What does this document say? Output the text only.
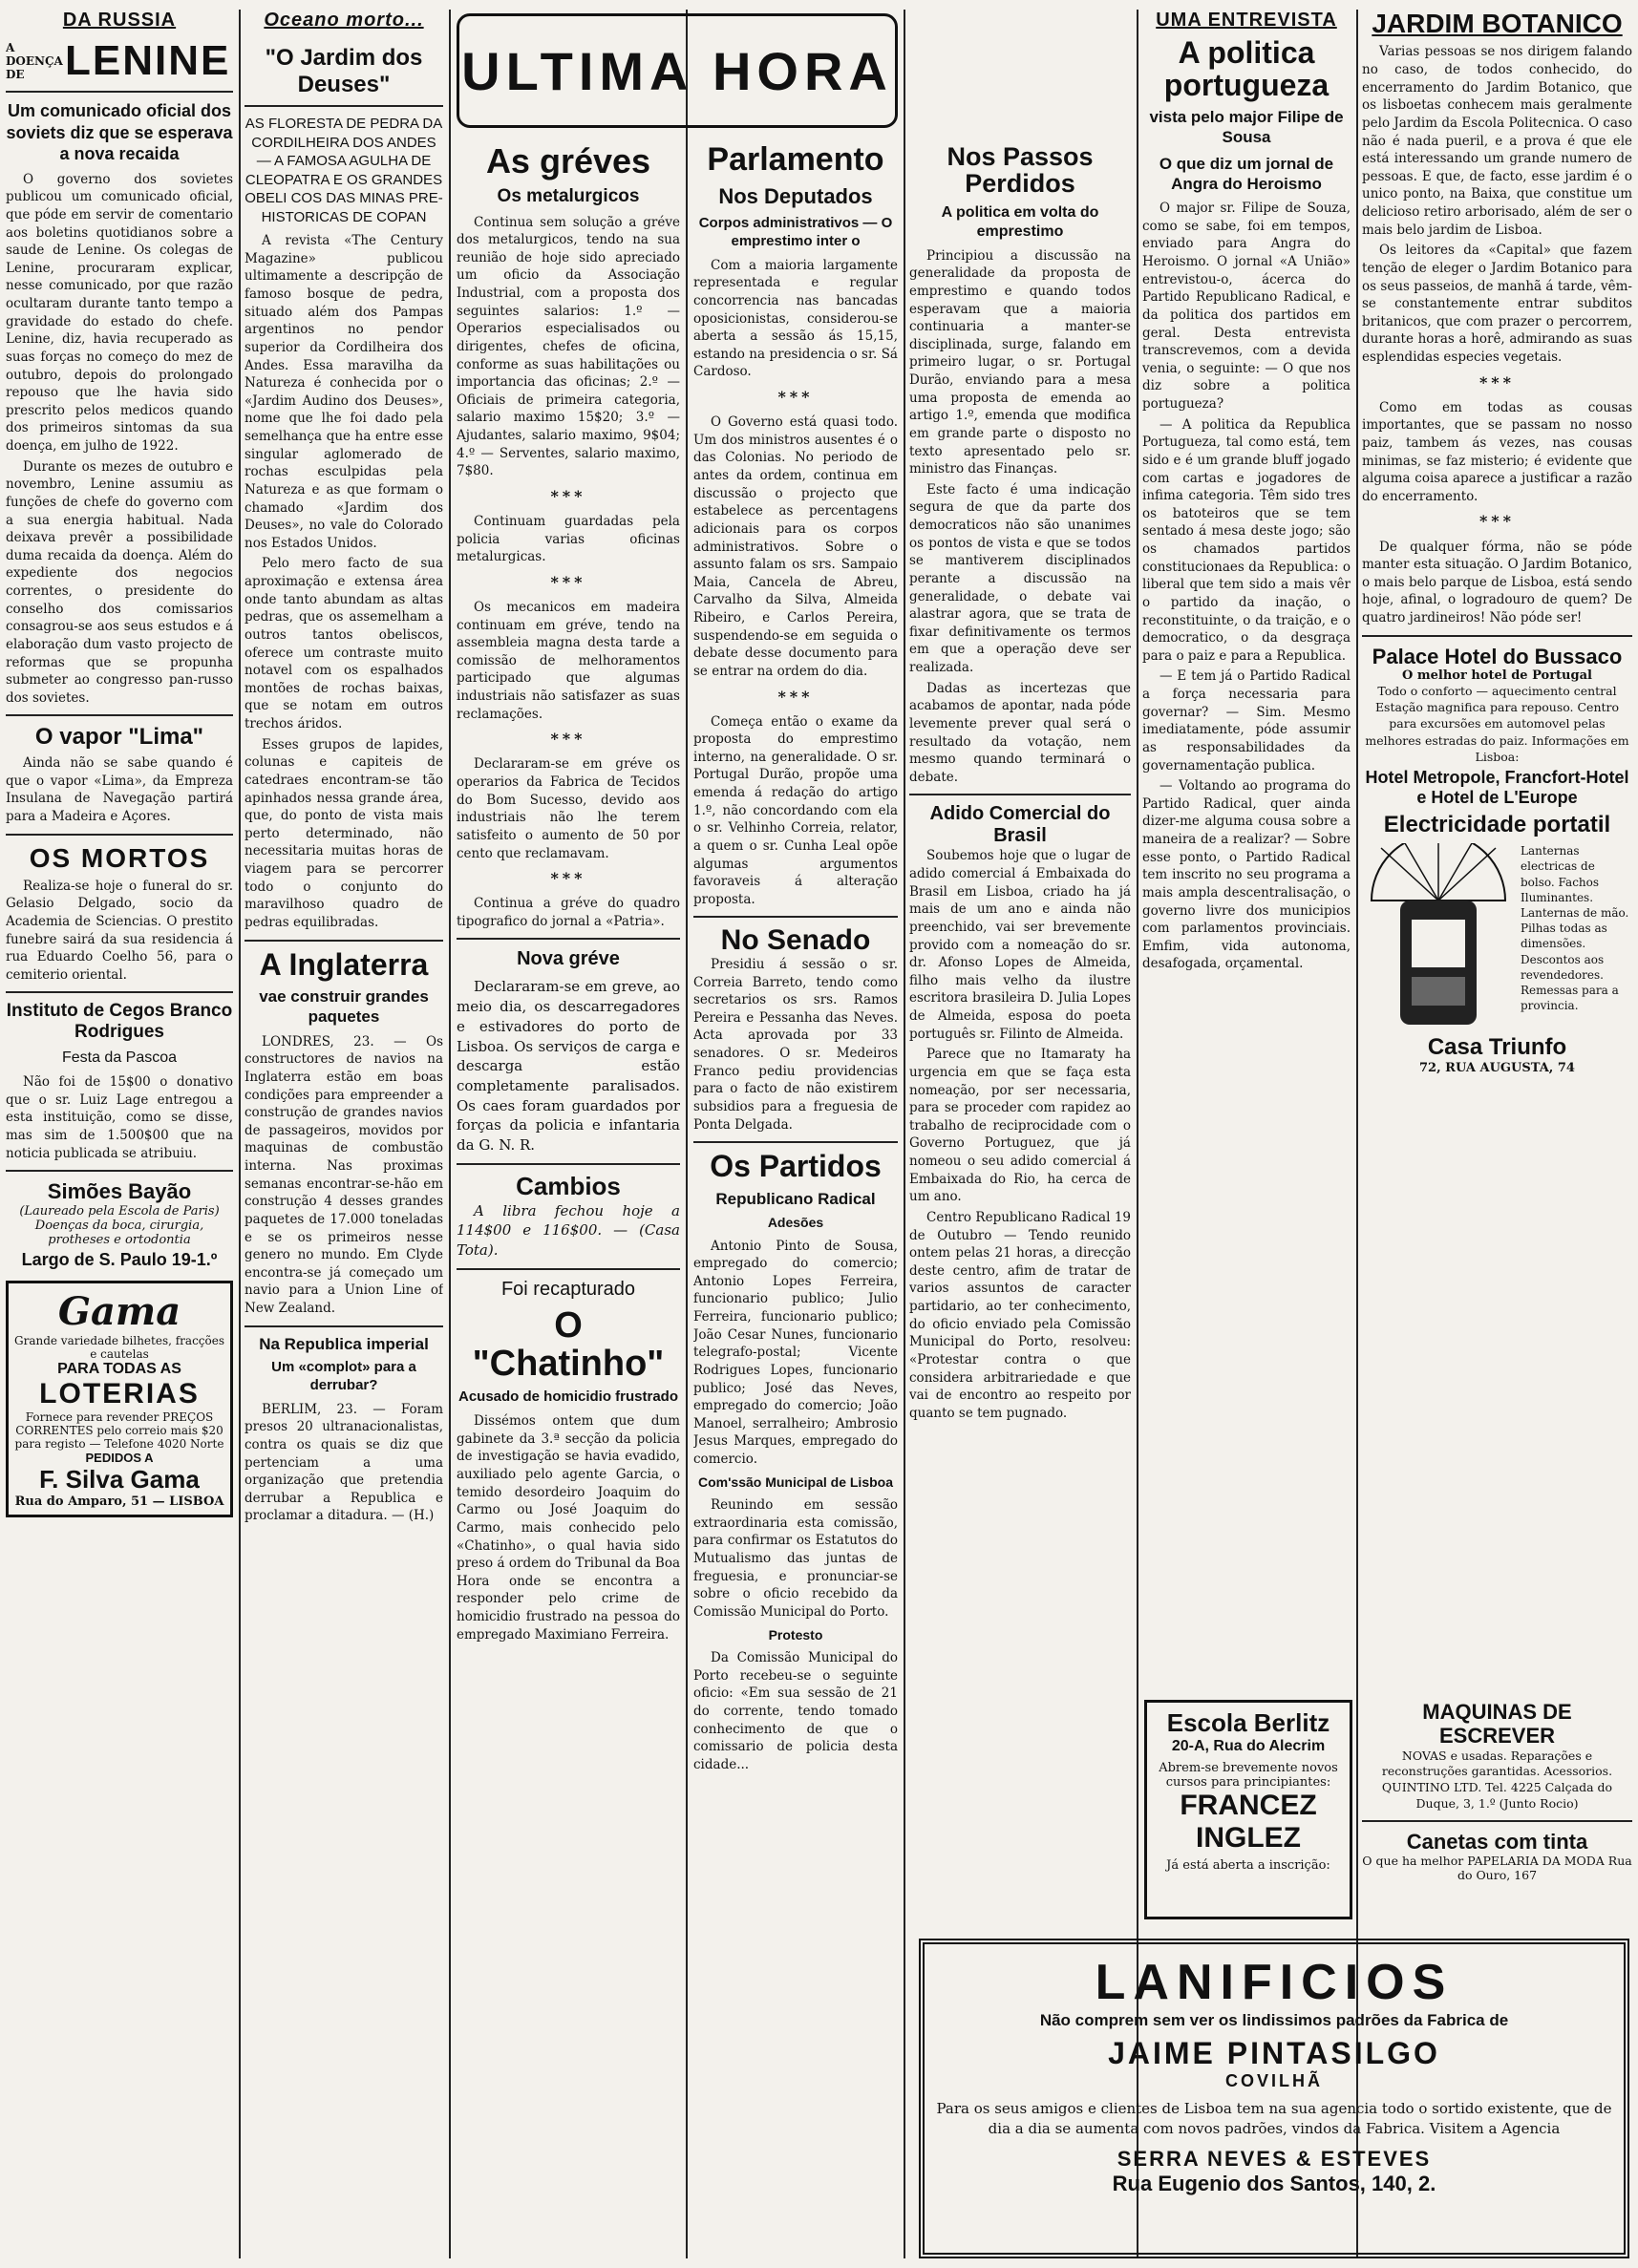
DA RUSSIA
A DOENÇA DE LENINE
Um comunicado oficial dos soviets diz que se esperava a nova recaida

O governo dos sovietes publicou um comunicado oficial, que póde em servir de comentario aos boletins quotidianos sobre a saude de Lenine. Os colegas de Lenine, procuraram explicar, nesse comunicado, por que razão ocultaram durante tanto tempo a gravidade do estado do chefe. Lenine, diz, havia recuperado as suas forças no começo do mez de outubro, depois do prolongado repouso que lhe havia sido prescrito pelos medicos quando dos primeiros sintomas da sua doença, em julho de 1922.

Durante os mezes de outubro e novembro, Lenine assumiu as funções de chefe do governo com a sua energia habitual. Nada deixava prevêr a possibilidade duma recaida da doença. Além do expediente dos negocios correntes, o presidente do conselho dos comissarios consagrou-se aos seus estudos e á elaboração dum vasto projecto de reformas que se propunha submeter ao congresso pan-russo dos sovietes.

O vapor "Lima"

Ainda não se sabe quando é que o vapor «Lima», da Empreza Insulana de Navegação partirá para a Madeira e Açores.

OS MORTOS

Realiza-se hoje o funeral do sr. Gelasio Delgado, socio da Academia de Sciencias. O prestito funebre sairá da sua residencia á rua Eduardo Coelho 56, para o cemiterio oriental.

Instituto de Cegos Branco Rodrigues
Festa da Pascoa

Não foi de 15$00 o donativo que o sr. Luiz Lage entregou a esta instituição, como se disse, mas sim de 1.500$00 que na noticia publicada se atribuiu.

Simões Bayão
(Laureado pela Escola de Paris) Doenças da boca, cirurgia, protheses e ortodontia
Largo de S. Paulo 19-1.º
Gama
Grande variedade bilhetes, fracções e cautelas
PARA TODAS AS
LOTERIAS
Fornece para revender PREÇOS CORRENTES pelo correio mais $20 para registo — Telefone 4020 Norte
PEDIDOS A
F. Silva Gama
Rua do Amparo, 51 — LISBOA
Oceano morto...
"O Jardim dos Deuses"
AS FLORESTA DE PEDRA DA CORDILHEIRA DOS ANDES — A FAMOSA AGULHA DE CLEOPATRA E OS GRANDES OBELI COS DAS MINAS PRE-HISTORICAS DE COPAN

A revista «The Century Magazine» publicou ultimamente a descripção de famoso bosque de pedra, situado além dos Pampas argentinos no pendor superior da Cordilheira dos Andes. Essa maravilha da Natureza é conhecida por o «Jardim Audino dos Deuses», nome que lhe foi dado pela semelhança que ha entre esse singular aglomerado de rochas esculpidas pela Natureza e as que formam o chamado «Jardim dos Deuses», no vale do Colorado nos Estados Unidos.

Pelo mero facto de sua aproximação e extensa área onde tanto abundam as altas pedras, que os assemelham a outros tantos obeliscos, oferece um contraste muito notavel com os espalhados montões de rochas baixas, que se notam em outros trechos áridos.

Esses grupos de lapides, colunas e capiteis de catedraes encontram-se tão apinhados nessa grande área, que, do ponto de vista mais perto determinado, não necessitaria muitas horas de viagem para se percorrer todo o conjunto do maravilhoso quadro de pedras equilibradas.

A Inglaterra
vae construir grandes paquetes

LONDRES, 23. — Os constructores de navios na Inglaterra estão em boas condições para empreender a construção de grandes navios de passageiros, movidos por maquinas de combustão interna. Nas proximas semanas encontrar-se-hão em construção 4 desses grandes paquetes de 17.000 toneladas e se os primeiros nesse genero no mundo. Em Clyde encontra-se já começado um navio para a Union Line of New Zealand.

Na Republica imperial
Um «complot» para a derrubar?

BERLIM, 23. — Foram presos 20 ultranacionalistas, contra os quais se diz que pertenciam a uma organização que pretendia derrubar a Republica e proclamar a ditadura. — (H.)

ULTIMA HORA
As gréves
Os metalurgicos

Continua sem solução a gréve dos metalurgicos, tendo na sua reunião de hoje sido apreciado um oficio da Associação Industrial, com a proposta dos seguintes salarios: 1.º — Operarios especialisados ou dirigentes, chefes de oficina, conforme as suas habilitações ou importancia das oficinas; 2.º — Oficiais de primeira categoria, salario maximo 15$20; 3.º — Ajudantes, salario maximo, 9$04; 4.º — Serventes, salario maximo, 7$80.

***

Continuam guardadas pela policia varias oficinas metalurgicas.

***

Os mecanicos em madeira continuam em gréve, tendo na assembleia magna desta tarde a comissão de melhoramentos participado que algumas industriais não satisfazer as suas reclamações.

***

Declararam-se em gréve os operarios da Fabrica de Tecidos do Bom Sucesso, devido aos industriais não lhe terem satisfeito o aumento de 50 por cento que reclamavam.

***

Continua a gréve do quadro tipografico do jornal a «Patria».

Nova gréve

Declararam-se em greve, ao meio dia, os descarregadores e estivadores do porto de Lisboa. Os serviços de carga e descarga estão completamente paralisados. Os caes foram guardados por forças da policia e infantaria da G. N. R.

Cambios

A libra fechou hoje a 114$00 e 116$00. — (Casa Tota).

Foi recapturado
O "Chatinho"
Acusado de homicidio frustrado

Dissémos ontem que dum gabinete da 3.ª secção da policia de investigação se havia evadido, auxiliado pelo agente Garcia, o temido desordeiro Joaquim do Carmo ou José Joaquim do Carmo, mais conhecido pelo «Chatinho», o qual havia sido preso á ordem do Tribunal da Boa Hora onde se encontra a responder pelo crime de homicidio frustrado na pessoa do empregado Maximiano Ferreira.

Parlamento
Nos Deputados
Corpos administrativos — O emprestimo inter o

Com a maioria largamente representada e regular concorrencia nas bancadas oposicionistas, considerou-se aberta a sessão ás 15,15, estando na presidencia o sr. Sá Cardoso.

***

O Governo está quasi todo. Um dos ministros ausentes é o das Colonias. No periodo de antes da ordem, continua em discussão o projecto que estabelece as percentagens adicionais para os corpos administrativos. Sobre o assunto falam os srs. Sampaio Maia, Cancela de Abreu, Carvalho da Silva, Almeida Ribeiro, e Carlos Pereira, suspendendo-se em seguida o debate desse documento para se entrar na ordem do dia.

***

Começa então o exame da proposta do emprestimo interno, na generalidade. O sr. Portugal Durão, propõe uma emenda á redação do artigo 1.º, não concordando com ela o sr. Velhinho Correia, relator, a quem o sr. Cunha Leal opõe algumas argumentos favoraveis á alteração proposta.

No Senado

Presidiu á sessão o sr. Correia Barreto, tendo como secretarios os srs. Ramos Pereira e Pessanha das Neves. Acta aprovada por 33 senadores. O sr. Medeiros Franco pediu providencias para o facto de não existirem subsidios para a freguesia de Ponta Delgada.

Os Partidos
Republicano Radical
Adesões

Antonio Pinto de Sousa, empregado do comercio; Antonio Lopes Ferreira, funcionario publico; Julio Ferreira, funcionario publico; João Cesar Nunes, funcionario telegrafo-postal; Vicente Rodrigues Lopes, funcionario publico; José das Neves, empregado do comercio; João Manoel, serralheiro; Ambrosio Jesus Marques, empregado do comercio.

Com'ssão Municipal de Lisboa

Reunindo em sessão extraordinaria esta comissão, para confirmar os Estatutos do Mutualismo das juntas de freguesia, e pronunciar-se sobre o oficio recebido da Comissão Municipal do Porto.

Protesto

Da Comissão Municipal do Porto recebeu-se o seguinte oficio: «Em sua sessão de 21 do corrente, tendo tomado conhecimento de que o comissario de policia desta cidade...

Nos Passos Perdidos
A politica em volta do emprestimo

Principiou a discussão na generalidade da proposta de emprestimo e quando todos esperavam que a maioria continuaria a manter-se disciplinada, surge, falando em primeiro lugar, o sr. Portugal Durão, enviando para a mesa uma proposta de emenda ao artigo 1.º, emenda que modifica em grande parte o disposto no texto apresentado pelo sr. ministro das Finanças.

Este facto é uma indicação segura de que da parte dos democraticos não são unanimes os pontos de vista e que se todos se mantiverem disciplinados perante a discussão na generalidade, o debate vai alastrar agora, que se trata de fixar definitivamente os termos em que a operação deve ser realizada.

Dadas as incertezas que acabamos de apontar, nada póde levemente prever qual será o resultado da votação, nem mesmo quando terminará o debate.

Adido Comercial do Brasil

Soubemos hoje que o lugar de adido comercial á Embaixada do Brasil em Lisboa, criado ha já mais de um ano e ainda não preenchido, vai ser brevemente provido com a nomeação do sr. dr. Afonso Lopes de Almeida, filho mais velho da ilustre escritora brasileira D. Julia Lopes de Almeida, esposa do poeta português sr. Filinto de Almeida.

Parece que no Itamaraty ha urgencia em que se faça esta nomeação, por ser necessaria, para se proceder com rapidez ao trabalho de reciprocidade com o Governo Portuguez, que já nomeou o seu adido comercial á Embaixada do Rio, ha cerca de um ano.

Centro Republicano Radical 19 de Outubro — Tendo reunido ontem pelas 21 horas, a direcção deste centro, afim de tratar de varios assuntos de caracter partidario, ao ter conhecimento, do oficio enviado pela Comissão Municipal do Porto, resolveu: «Protestar contra o que considera arbitrariedade e que vai de encontro ao respeito por quanto se tem pugnado.

UMA ENTREVISTA
A politica portugueza
vista pelo major Filipe de Sousa
O que diz um jornal de Angra do Heroismo

O major sr. Filipe de Souza, como se sabe, foi em tempos, enviado para Angra do Heroismo. O jornal «A União» entrevistou-o, ácerca do Partido Republicano Radical, e da politica dos partidos em geral. Desta entrevista transcrevemos, com a devida venia, o seguinte: — O que nos diz sobre a politica portugueza?

— A politica da Republica Portugueza, tal como está, tem sido e é um grande bluff jogado com cartas e jogadores de infima categoria. Têm sido tres os batoteiros que se tem sentado á mesa deste jogo; são os chamados partidos constitucionaes da Republica: o liberal que tem sido a mais vêr o partido da inação, o reconstituinte, o da traição, e o democratico, o da desgraça para o paiz e para a Republica.

— E tem já o Partido Radical a força necessaria para governar? — Sim. Mesmo imediatamente, póde assumir as responsabilidades da governamentação publica.

— Voltando ao programa do Partido Radical, quer ainda dizer-me alguma cousa sobre a maneira de a realizar? — Sobre esse ponto, o Partido Radical tem inscrito no seu programa a mais ampla descentralisação, o governo livre dos municipios com parlamentos provinciais. Emfim, vida autonoma, desafogada, orçamental.

JARDIM BOTANICO

Varias pessoas se nos dirigem falando no caso, de todos conhecido, do encerramento do Jardim Botanico, que os lisboetas conhecem mais geralmente pelo Jardim da Escola Politecnica. O caso não é nada pueril, e a prova é que ele está interessando um grande numero de pessoas. E que, de facto, esse jardim é o unico ponto, na Baixa, que constitue um delicioso retiro arborisado, além de ser o mais belo jardim de Lisboa.

Os leitores da «Capital» que fazem tenção de eleger o Jardim Botanico para os seus passeios, de manhã á tarde, vêm-se constantemente entrar subditos britanicos, que com prazer o percorrem, durante horas a horê, admirando as suas esplendidas especies vegetais.

***

Como em todas as cousas importantes, que se passam no nosso paiz, tambem ás vezes, nas cousas minimas, se faz misterio; é evidente que alguma coisa aparece a justificar a razão do encerramento.

***

De qualquer fórma, não se póde manter esta situação. O Jardim Botanico, o mais belo parque de Lisboa, está sendo hoje, afinal, o logradouro de quem? De quatro jardineiros! Não póde ser!

Palace Hotel do Bussaco
O melhor hotel de Portugal

Todo o conforto — aquecimento central Estação magnifica para repouso. Centro para excursões em automovel pelas melhores estradas do paiz. Informações em Lisboa:

Hotel Metropole, Francfort-Hotel e Hotel de L'Europe
Electricidade portatil
Lanternas electricas de bolso. Fachos Iluminantes. Lanternas de mão. Pilhas todas as dimensões. Descontos aos revendedores. Remessas para a provincia.
Casa Triunfo
72, RUA AUGUSTA, 74
Escola Berlitz
20-A, Rua do Alecrim
Abrem-se brevemente novos cursos para principiantes:
FRANCEZ
INGLEZ
Já está aberta a inscrição:
MAQUINAS DE ESCREVER
NOVAS e usadas. Reparações e reconstruções garantidas. Acessorios. QUINTINO LTD. Tel. 4225 Calçada do Duque, 3, 1.º (Junto Rocio)
Canetas com tinta
O que ha melhor PAPELARIA DA MODA Rua do Ouro, 167
LANIFICIOS
Não comprem sem ver os lindissimos padrões da Fabrica de
JAIME PINTASILGO
COVILHÃ
Para os seus amigos e clientes de Lisboa tem na sua agencia todo o sortido existente, que de dia a dia se aumenta com novos padrões, vindos da Fabrica. Visitem a Agencia
SERRA NEVES & ESTEVES
Rua Eugenio dos Santos, 140, 2.
